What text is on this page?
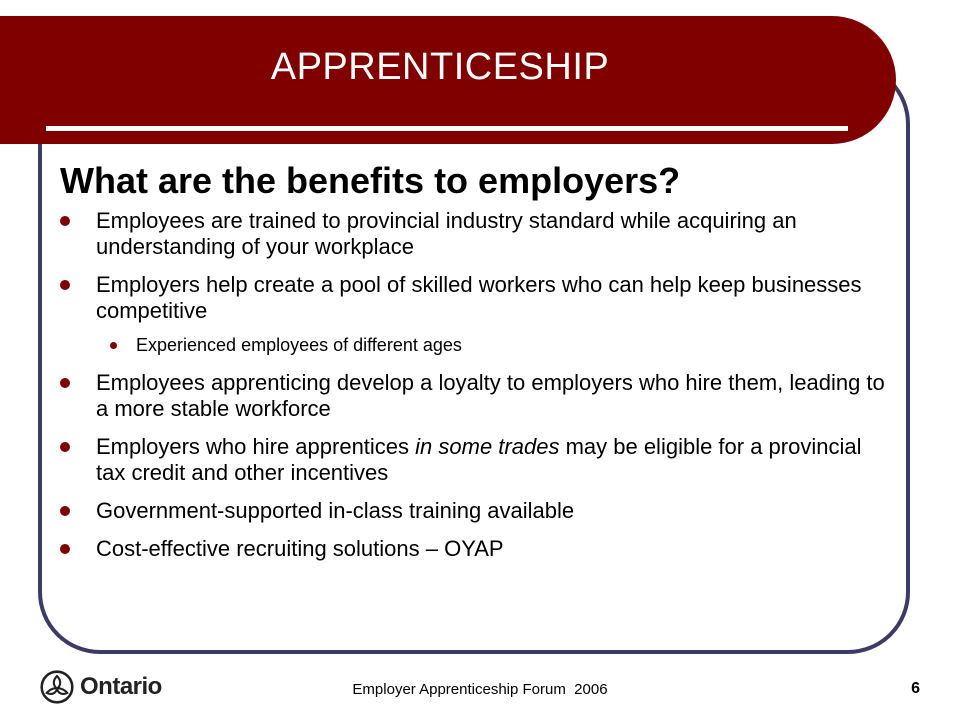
APPRENTICESHIP
What are the benefits to employers?
Employees are trained to provincial industry standard while acquiring an understanding of your workplace
Employers help create a pool of skilled workers who can help keep businesses competitive
Experienced employees of different ages
Employees apprenticing develop a loyalty to employers who hire them, leading to a more stable workforce
Employers who hire apprentices in some trades may be eligible for a provincial tax credit and other incentives
Government-supported in-class training available
Cost-effective recruiting solutions – OYAP
Ontario	Employer Apprenticeship Forum  2006	6
